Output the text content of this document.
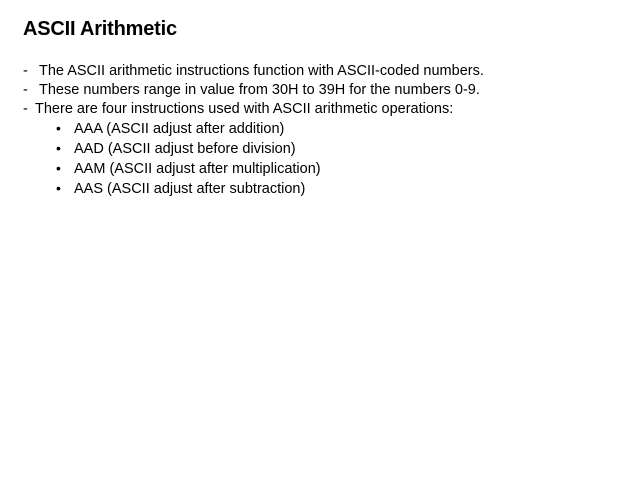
ASCII Arithmetic
- The ASCII arithmetic instructions function with ASCII-coded numbers.
- These numbers range in value from 30H to 39H for the numbers 0-9.
- There are four instructions used with ASCII arithmetic operations:
• AAA (ASCII adjust after addition)
• AAD (ASCII adjust before division)
• AAM (ASCII adjust after multiplication)
• AAS (ASCII adjust after subtraction)
